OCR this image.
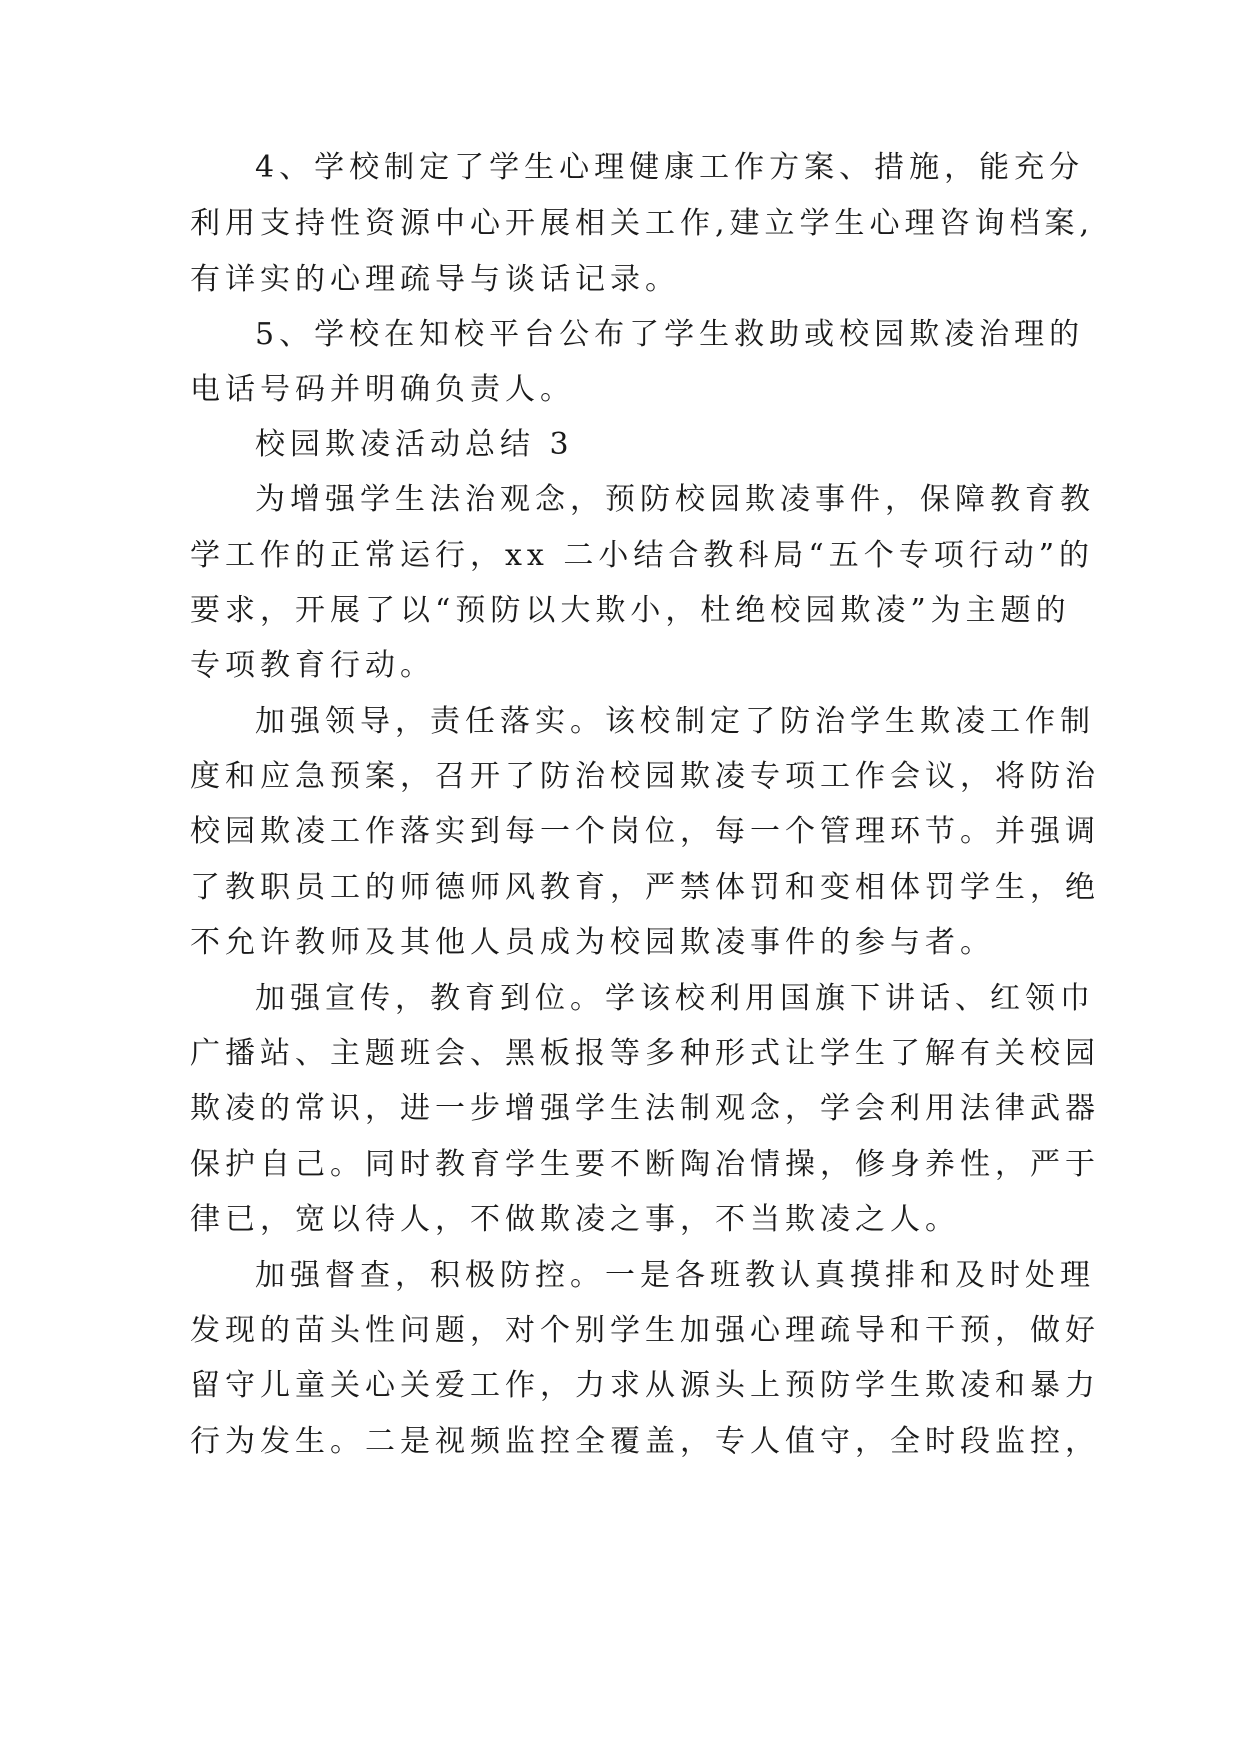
4、学校制定了学生心理健康工作方案、措施，能充分
利用支持性资源中心开展相关工作,建立学生心理咨询档案,
有详实的心理疏导与谈话记录。
5、学校在知校平台公布了学生救助或校园欺凌治理的
电话号码并明确负责人。
校园欺凌活动总结 3
为增强学生法治观念，预防校园欺凌事件，保障教育教
学工作的正常运行，xx 二小结合教科局“五个专项行动”的
要求，开展了以“预防以大欺小，杜绝校园欺凌”为主题的
专项教育行动。
加强领导，责任落实。该校制定了防治学生欺凌工作制
度和应急预案，召开了防治校园欺凌专项工作会议，将防治
校园欺凌工作落实到每一个岗位，每一个管理环节。并强调
了教职员工的师德师风教育，严禁体罚和变相体罚学生，绝
不允许教师及其他人员成为校园欺凌事件的参与者。
加强宣传，教育到位。学该校利用国旗下讲话、红领巾
广播站、主题班会、黑板报等多种形式让学生了解有关校园
欺凌的常识，进一步增强学生法制观念，学会利用法律武器
保护自己。同时教育学生要不断陶冶情操，修身养性，严于
律已，宽以待人，不做欺凌之事，不当欺凌之人。
加强督查，积极防控。一是各班教认真摸排和及时处理
发现的苗头性问题，对个别学生加强心理疏导和干预，做好
留守儿童关心关爱工作，力求从源头上预防学生欺凌和暴力
行为发生。二是视频监控全覆盖，专人值守，全时段监控，
